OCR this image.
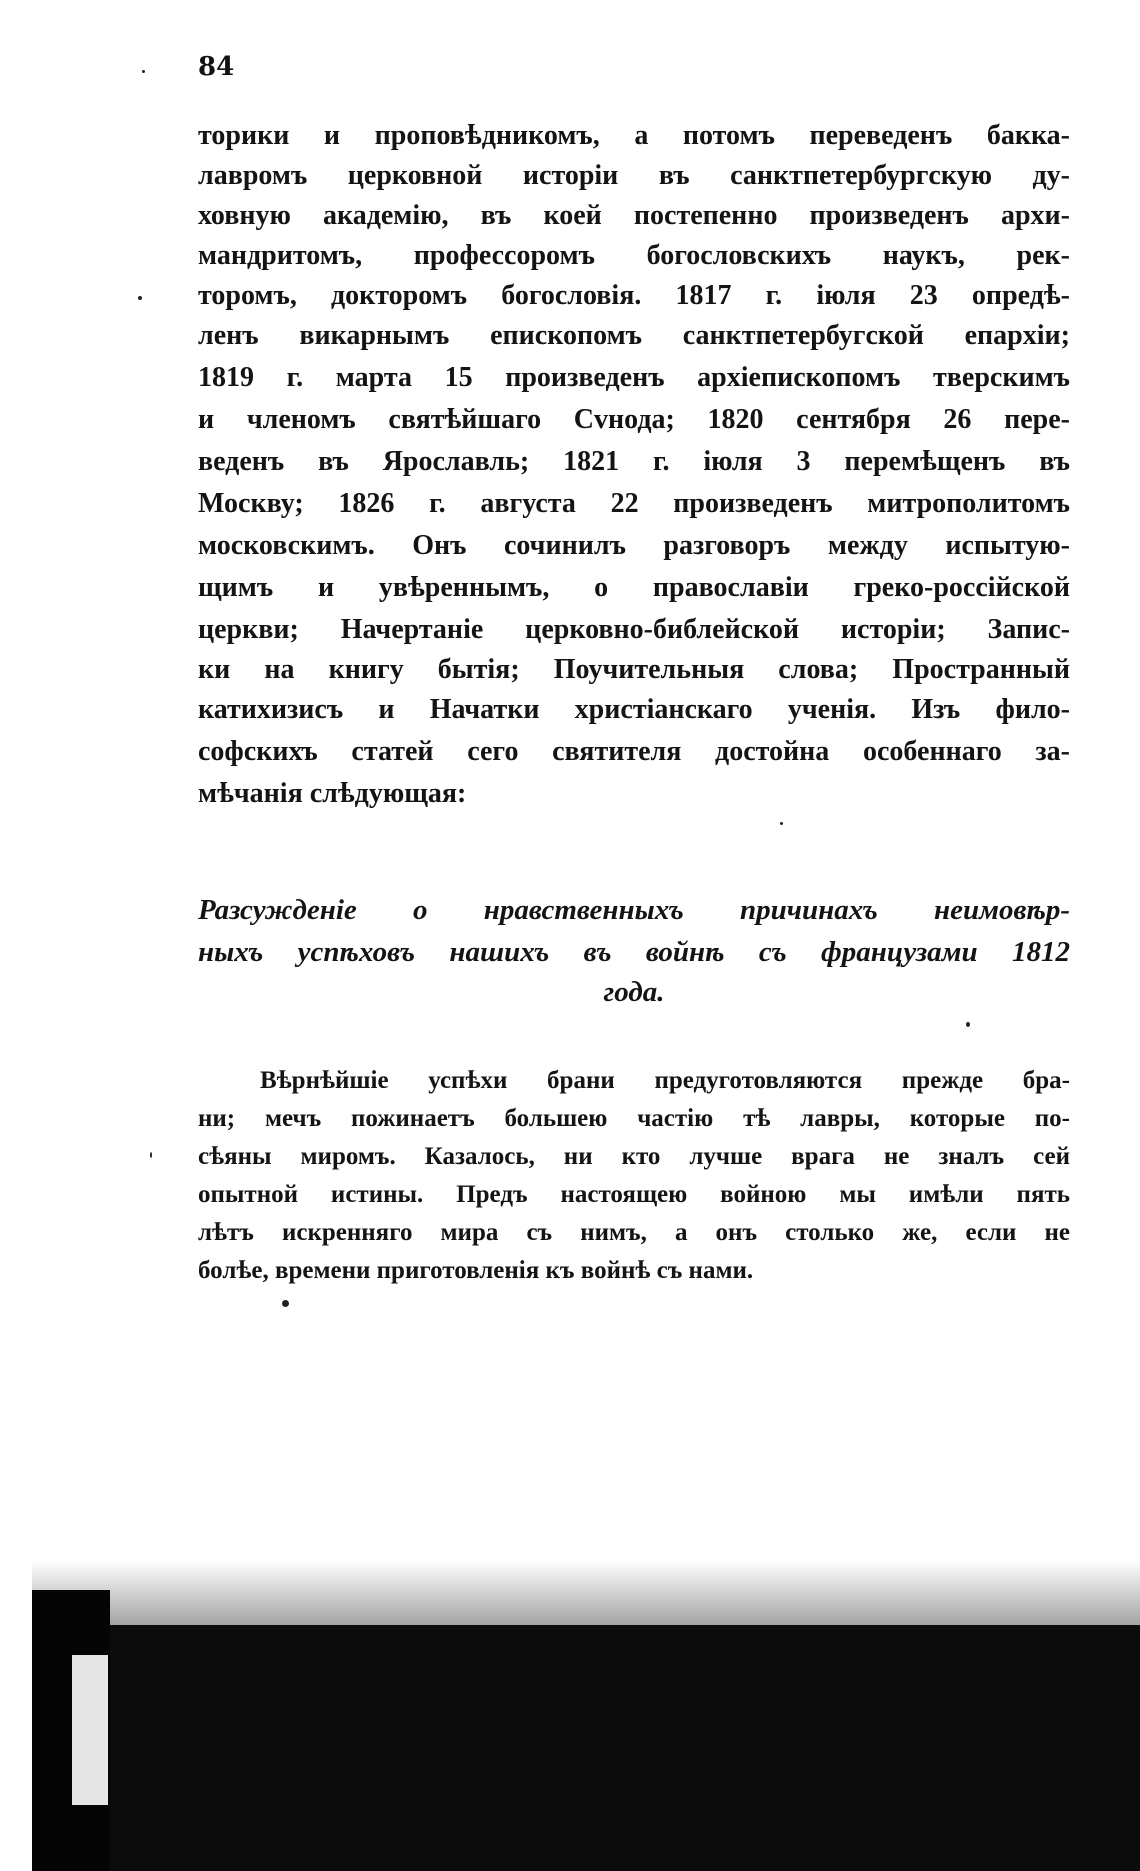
84
торики и проповѣдникомъ, а потомъ переведенъ бакка-
лавромъ церковной исторіи въ санктпетербургскую ду-
ховную академію, въ коей постепенно произведенъ архи-
мандритомъ, профессоромъ богословскихъ наукъ, рек-
торомъ, докторомъ богословія. 1817 г. іюля 23 опредѣ-
ленъ викарнымъ епископомъ санктпетербугской епархіи;
1819 г. марта 15 произведенъ архіепископомъ тверскимъ
и членомъ святѣйшаго Сvнода; 1820 сентября 26 пере-
веденъ въ Ярославль; 1821 г. іюля 3 перемѣщенъ въ
Москву; 1826 г. августа 22 произведенъ митрополитомъ
московскимъ. Онъ сочинилъ разговоръ между испытую-
щимъ и увѣреннымъ, о православіи греко-россійской
церкви; Начертаніе церковно-библейской исторіи; Запис-
ки на книгу бытія; Поучительныя слова; Пространный
катихизисъ и Начатки христіанскаго ученія. Изъ фило-
софскихъ статей сего святителя достойна особеннаго за-
мѣчанія слѣдующая:
Разсужденіе о нравственныхъ причинахъ неимовѣр-
ныхъ успѣховъ нашихъ въ войнѣ съ французами 1812
года.
Вѣрнѣйшіе успѣхи брани предуготовляются прежде бра-
ни; мечъ пожинаетъ большею частію тѣ лавры, которые по-
сѣяны миромъ. Казалось, ни кто лучше врага не зналъ сей
опытной истины. Предъ настоящею войною мы имѣли пять
лѣтъ искренняго мира съ нимъ, а онъ столько же, если не
болѣе, времени приготовленія къ войнѣ съ нами.
